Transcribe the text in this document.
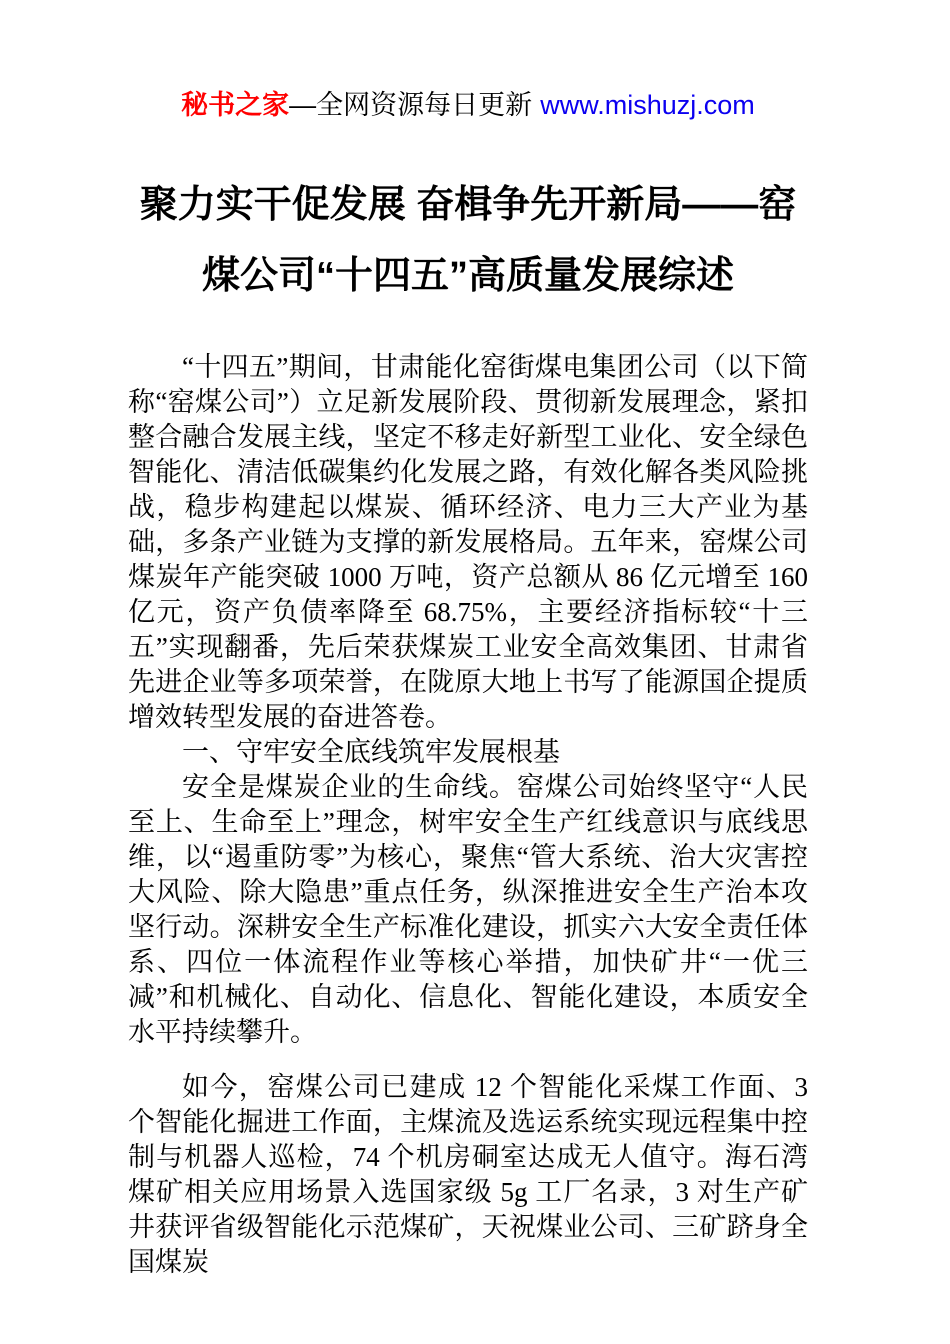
秘书之家—全网资源每日更新 www.mishuzj.com
聚力实干促发展 奋楫争先开新局——窑煤公司“十四五”高质量发展综述

“十四五”期间，甘肃能化窑街煤电集团公司（以下简称“窑煤公司”）立足新发展阶段、贯彻新发展理念，紧扣整合融合发展主线，坚定不移走好新型工业化、安全绿色智能化、清洁低碳集约化发展之路，有效化解各类风险挑战，稳步构建起以煤炭、循环经济、电力三大产业为基础，多条产业链为支撑的新发展格局。五年来，窑煤公司煤炭年产能突破 1000 万吨，资产总额从 86 亿元增至 160 亿元，资产负债率降至 68.75%，主要经济指标较“十三五”实现翻番，先后荣获煤炭工业安全高效集团、甘肃省先进企业等多项荣誉，在陇原大地上书写了能源国企提质增效转型发展的奋进答卷。

一、守牢安全底线筑牢发展根基

安全是煤炭企业的生命线。窑煤公司始终坚守“人民至上、生命至上”理念，树牢安全生产红线意识与底线思维，以“遏重防零”为核心，聚焦“管大系统、治大灾害控大风险、除大隐患”重点任务，纵深推进安全生产治本攻坚行动。深耕安全生产标准化建设，抓实六大安全责任体系、四位一体流程作业等核心举措，加快矿井“一优三减”和机械化、自动化、信息化、智能化建设，本质安全水平持续攀升。

如今，窑煤公司已建成 12 个智能化采煤工作面、3 个智能化掘进工作面，主煤流及选运系统实现远程集中控制与机器人巡检，74 个机房硐室达成无人值守。海石湾煤矿相关应用场景入选国家级 5g 工厂名录，3 对生产矿井获评省级智能化示范煤矿，天祝煤业公司、三矿跻身全国煤炭
